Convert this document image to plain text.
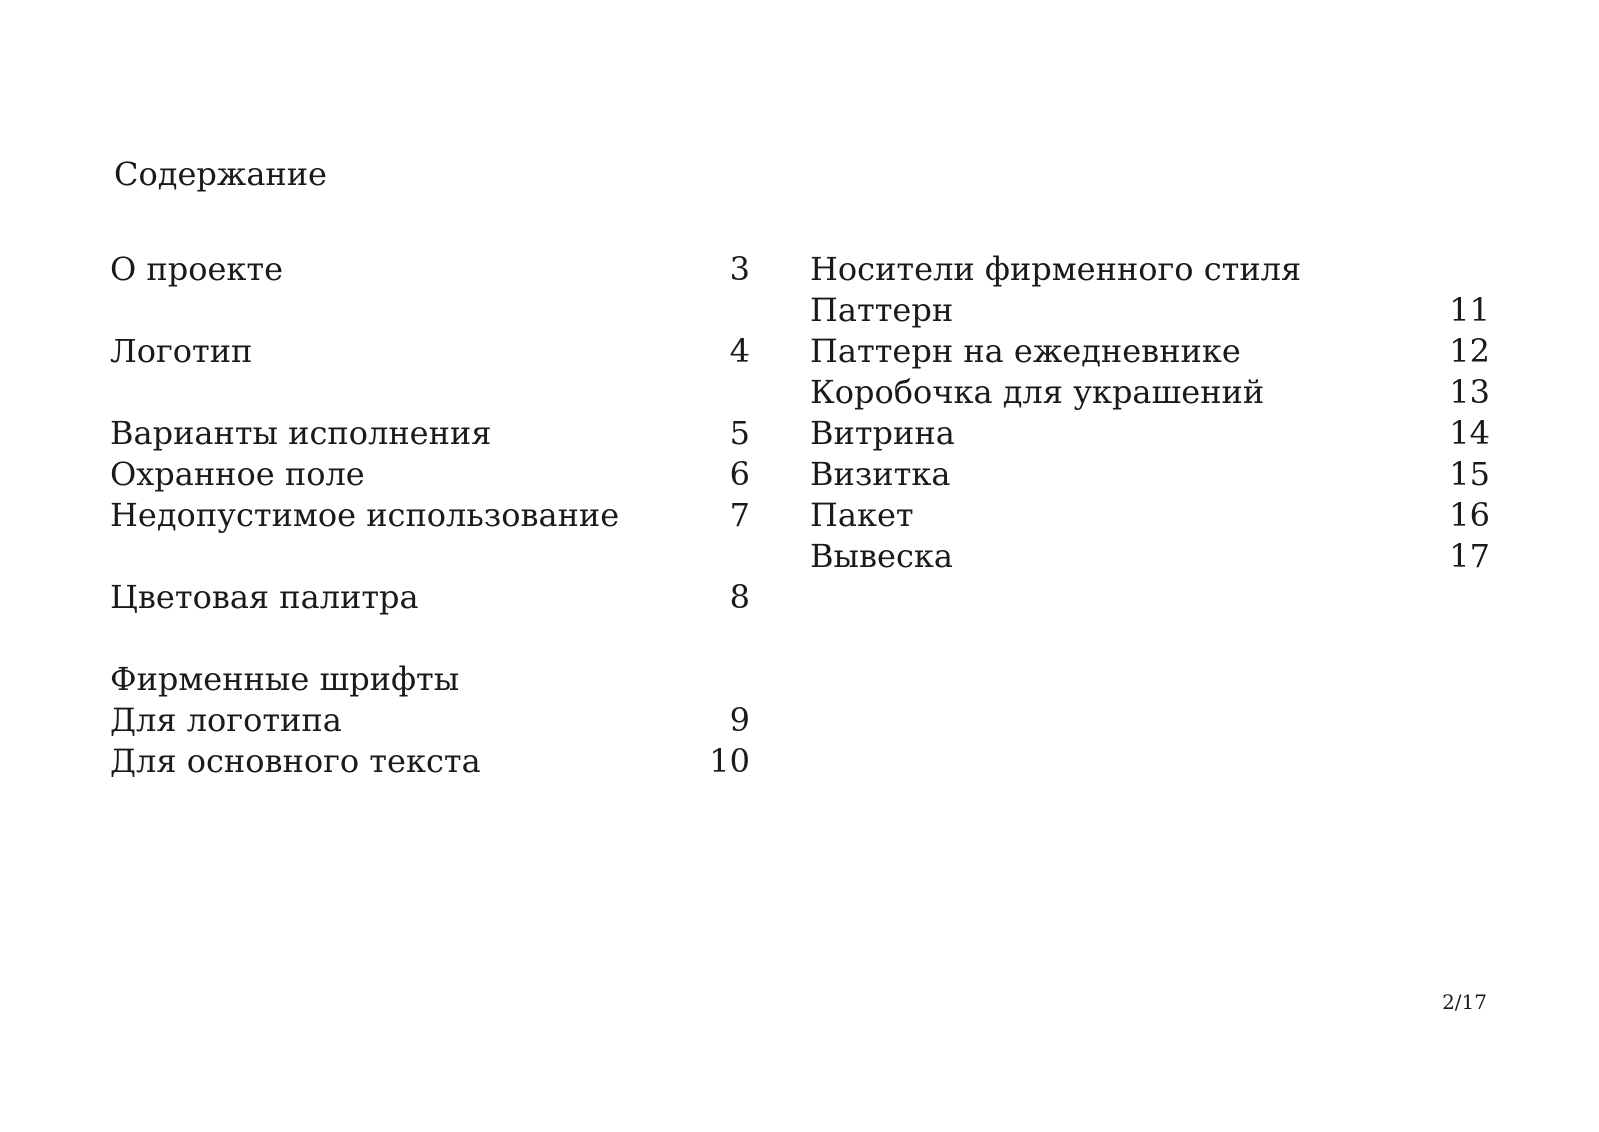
Содержание
О проекте	3
Логотип	4
Варианты исполнения	5
Охранное поле	6
Недопустимое использование	7
Цветовая палитра	8
Фирменные шрифты
Для логотипа	9
Для основного текста	10
Носители фирменного стиля
Паттерн	11
Паттерн на ежедневнике	12
Коробочка для украшений	13
Витрина	14
Визитка	15
Пакет	16
Вывеска	17
2/17
